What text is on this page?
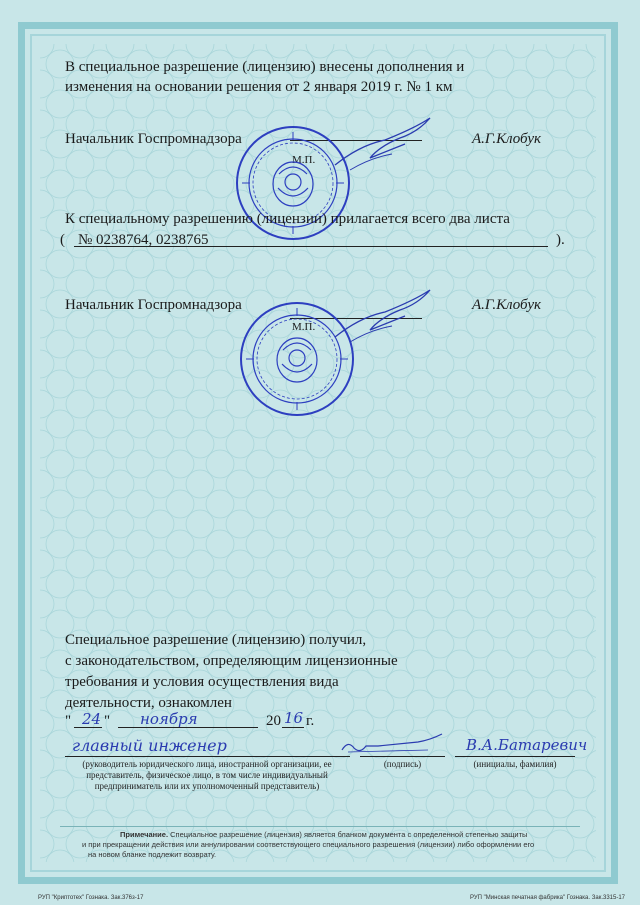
В специальное разрешение (лицензию) внесены дополнения и
изменения на основании решения от 2 января 2019 г. № 1 км
Начальник Госпромнадзора
М.П.
А.Г.Клобук
К специальному разрешению (лицензии) прилагается всего два листа
( № 0238764, 0238765	).
Начальник Госпромнадзора
М.П.
А.Г.Клобук
Специальное разрешение (лицензию) получил,
с законодательством, определяющим лицензионные
требования и условия осуществления вида
деятельности, ознакомлен
" 24 " ноября	20 16 г.
главный инженер	В.А.Батаревич
(руководитель юридического лица, иностранной организации, ее представитель, физическое лицо, в том числе индивидуальный предприниматель или их уполномоченный представитель)
(подпись)	(инициалы, фамилия)
Примечание. Специальное разрешение (лицензия) является бланком документа с определенной степенью защиты
и при прекращении действия или аннулировании соответствующего специального разрешения (лицензии) либо оформлении его
на новом бланке подлежит возврату.
РУП "Криптотех" Гознака. Зак.376з-17	РУП "Минская печатная фабрика" Гознака. Зак.3315-17
